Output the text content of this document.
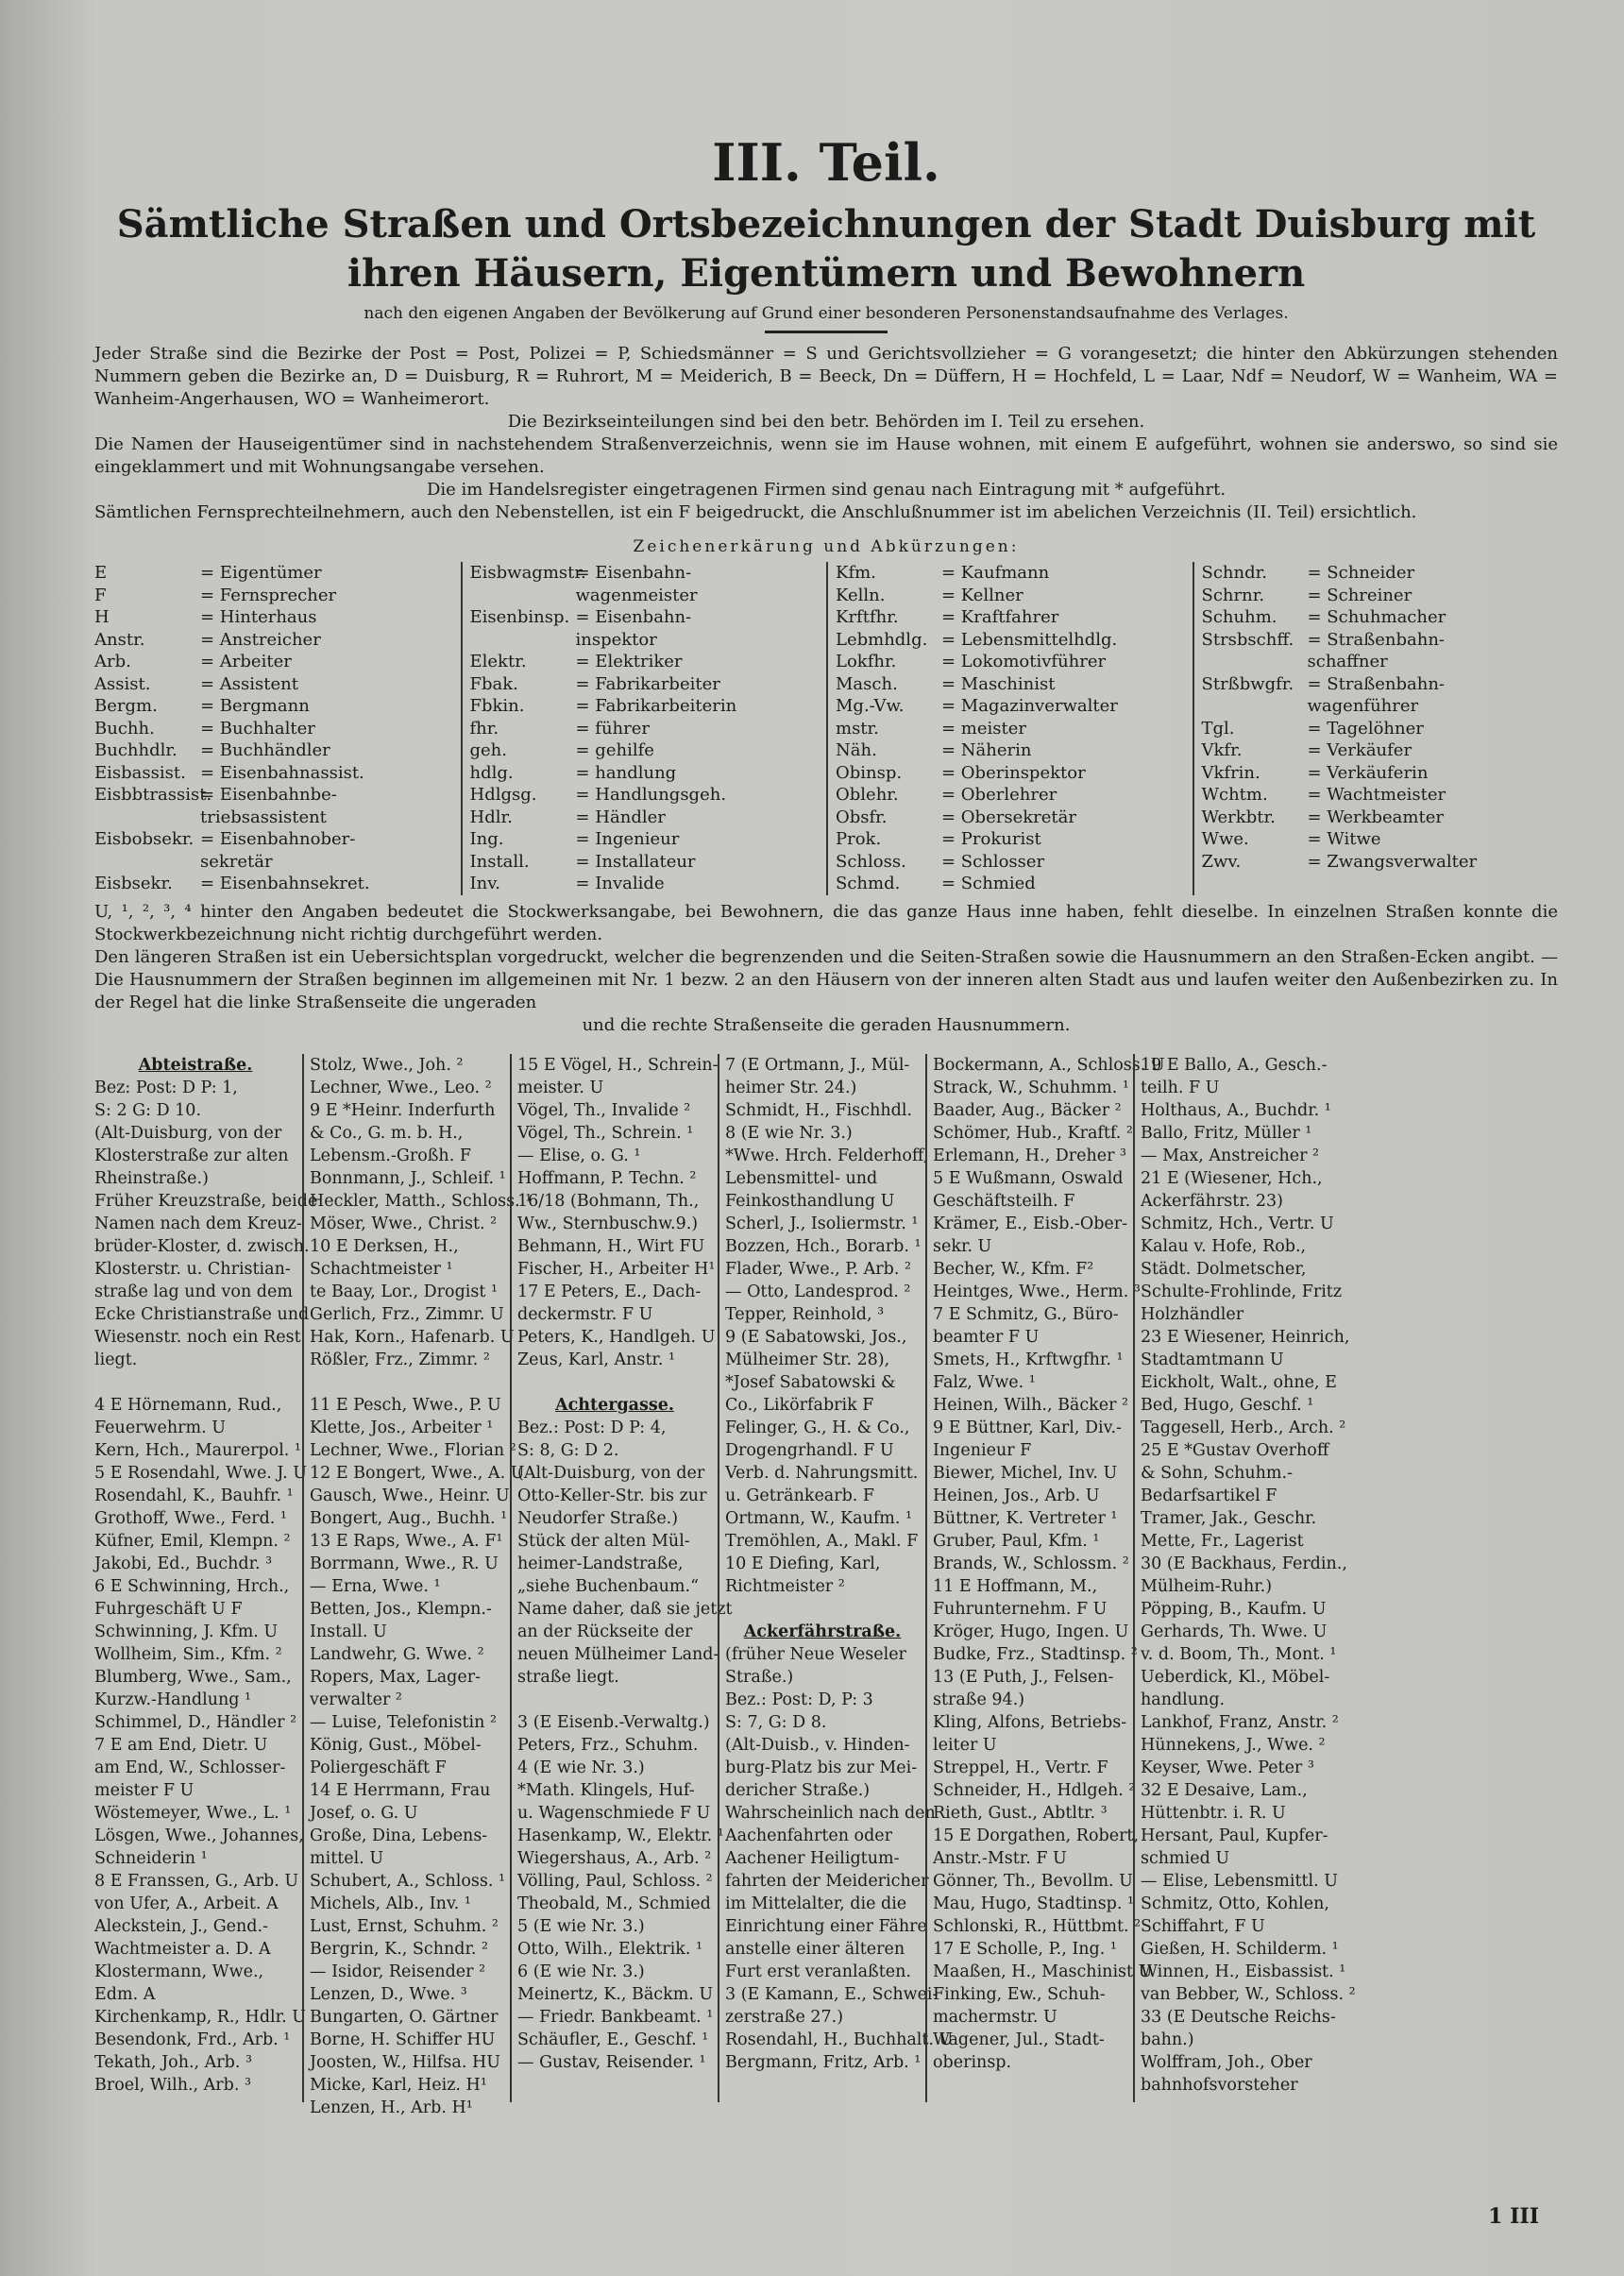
III. Teil.
Sämtliche Straßen und Ortsbezeichnungen der Stadt Duisburg mit
ihren Häusern, Eigentümern und Bewohnern
nach den eigenen Angaben der Bevölkerung auf Grund einer besonderen Personenstandsaufnahme des Verlages.

Jeder Straße sind die Bezirke der Post = Post, Polizei = P, Schiedsmänner = S und Gerichtsvollzieher = G vorangesetzt; die hinter den Abkürzungen stehenden Nummern geben die Bezirke an, D = Duisburg, R = Ruhrort, M = Meiderich, B = Beeck, Dn = Düffern, H = Hochfeld, L = Laar, Ndf = Neudorf, W = Wanheim, WA = Wanheim-Angerhausen, WO = Wanheimerort.

Die Bezirkseinteilungen sind bei den betr. Behörden im I. Teil zu ersehen.

Die Namen der Hauseigentümer sind in nachstehendem Straßenverzeichnis, wenn sie im Hause wohnen, mit einem E aufgeführt, wohnen sie anderswo, so sind sie eingeklammert und mit Wohnungsangabe versehen.

Die im Handelsregister eingetragenen Firmen sind genau nach Eintragung mit * aufgeführt.

Sämtlichen Fernsprechteilnehmern, auch den Nebenstellen, ist ein F beigedruckt, die Anschlußnummer ist im abelichen Verzeichnis (II. Teil) ersichtlich.

Zeichenerkärung und Abkürzungen:
E	= Eigentümer
F	= Fernsprecher
H	= Hinterhaus
Anstr.	= Anstreicher
Arb.	= Arbeiter
Assist.	= Assistent
Bergm.	= Bergmann
Buchh.	= Buchhalter
Buchhdlr.	= Buchhändler
Eisbassist. = Eisenbahnassist.
Eisbbtrassist.
= Eisenbahnbe-
triebsassistent
Eisbobsekr. = Eisenbahnober-
sekretär
Eisbsekr.	= Eisenbahnsekret.
Eisbwagmstr.
= Eisenbahn-
wagenmeister
Eisenbinsp. = Eisenbahn-
inspektor
Elektr.	= Elektriker
Fbak.	= Fabrikarbeiter
Fbkin.	= Fabrikarbeiterin
fhr.	= führer
geh.	= gehilfe
hdlg.	= handlung
Hdlgsg.	= Handlungsgeh.
Hdlr.	= Händler
Ing.	= Ingenieur
Install.	= Installateur
Inv.	= Invalide
Kfm.	= Kaufmann
Kelln.	= Kellner
Krftfhr.	= Kraftfahrer
Lebmhdlg. = Lebensmittelhdlg.
Lokfhr.	= Lokomotivführer
Masch.	= Maschinist
Mg.-Vw.	= Magazinverwalter
mstr.	= meister
Näh.	= Näherin
Obinsp.	= Oberinspektor
Oblehr.	= Oberlehrer
Obsfr.	= Obersekretär
Prok.	= Prokurist
Schloss.	= Schlosser
Schmd.	= Schmied
Schndr.	= Schneider
Schrnr.	= Schreiner
Schuhm.	= Schuhmacher
Strsbschff. = Straßenbahn-
schaffner
Strßbwgfr. = Straßenbahn-
wagenführer
Tgl.	= Tagelöhner
Vkfr.	= Verkäufer
Vkfrin.	= Verkäuferin
Wchtm.	= Wachtmeister
Werkbtr.	= Werkbeamter
Wwe.	= Witwe
Zwv.	= Zwangsverwalter

U, ¹, ², ³, ⁴ hinter den Angaben bedeutet die Stockwerksangabe, bei Bewohnern, die das ganze Haus inne haben, fehlt dieselbe. In einzelnen Straßen konnte die Stockwerkbezeichnung nicht richtig durchgeführt werden.

Den längeren Straßen ist ein Uebersichtsplan vorgedruckt, welcher die begrenzenden und die Seiten-Straßen sowie die Hausnummern an den Straßen-Ecken angibt. — Die Hausnummern der Straßen beginnen im allgemeinen mit Nr. 1 bezw. 2 an den Häusern von der inneren alten Stadt aus und laufen weiter den Außenbezirken zu. In der Regel hat die linke Straßenseite die ungeraden

und die rechte Straßenseite die geraden Hausnummern.

Abteistraße.
Bez: Post: D P: 1,
S: 2 G: D 10.
(Alt-Duisburg, von der
Klosterstraße zur alten
Rheinstraße.)
Früher Kreuzstraße, beide
Namen nach dem Kreuz-
brüder-Kloster, d. zwisch.
Klosterstr. u. Christian-
straße lag und von dem
Ecke Christianstraße und
Wiesenstr. noch ein Rest
liegt.

4 E Hörnemann, Rud.,
Feuerwehrm. U
Kern, Hch., Maurerpol. ¹
5 E Rosendahl, Wwe. J. U
Rosendahl, K., Bauhfr. ¹
Grothoff, Wwe., Ferd. ¹
Küfner, Emil, Klempn. ²
Jakobi, Ed., Buchdr. ³
6 E Schwinning, Hrch.,
Fuhrgeschäft U F
Schwinning, J. Kfm. U
Wollheim, Sim., Kfm. ²
Blumberg, Wwe., Sam.,
Kurzw.-Handlung ¹
Schimmel, D., Händler ²
7 E am End, Dietr. U
am End, W., Schlosser-
meister F U
Wöstemeyer, Wwe., L. ¹
Lösgen, Wwe., Johannes,
Schneiderin ¹
8 E Franssen, G., Arb. U
von Ufer, A., Arbeit. A
Aleckstein, J., Gend.-
Wachtmeister a. D. A
Klostermann, Wwe.,
Edm. A
Kirchenkamp, R., Hdlr. U
Besendonk, Frd., Arb. ¹
Tekath, Joh., Arb. ³
Broel, Wilh., Arb. ³
Stolz, Wwe., Joh. ²
Lechner, Wwe., Leo. ²
9 E *Heinr. Inderfurth
& Co., G. m. b. H.,
Lebensm.-Großh. F
Bonnmann, J., Schleif. ¹
Heckler, Matth., Schloss. ¹
Möser, Wwe., Christ. ²
10 E Derksen, H.,
Schachtmeister ¹
te Baay, Lor., Drogist ¹
Gerlich, Frz., Zimmr. U
Hak, Korn., Hafenarb. U
Rößler, Frz., Zimmr. ²

11 E Pesch, Wwe., P. U
Klette, Jos., Arbeiter ¹
Lechner, Wwe., Florian ²
12 E Bongert, Wwe., A. U
Gausch, Wwe., Heinr. U
Bongert, Aug., Buchh. ¹
13 E Raps, Wwe., A. F¹
Borrmann, Wwe., R. U
— Erna, Wwe. ¹
Betten, Jos., Klempn.-
Install. U
Landwehr, G. Wwe. ²
Ropers, Max, Lager-
verwalter ²
— Luise, Telefonistin ²
König, Gust., Möbel-
Poliergeschäft F
14 E Herrmann, Frau
Josef, o. G. U
Große, Dina, Lebens-
mittel. U
Schubert, A., Schloss. ¹
Michels, Alb., Inv. ¹
Lust, Ernst, Schuhm. ²
Bergrin, K., Schndr. ²
— Isidor, Reisender ²
Lenzen, D., Wwe. ³
Bungarten, O. Gärtner
Borne, H. Schiffer HU
Joosten, W., Hilfsa. HU
Micke, Karl, Heiz. H¹
Lenzen, H., Arb. H¹
15 E Vögel, H., Schrein-
meister. U
Vögel, Th., Invalide ²
Vögel, Th., Schrein. ¹
— Elise, o. G. ¹
Hoffmann, P. Techn. ²
16/18 (Bohmann, Th.,
Ww., Sternbuschw.9.)
Behmann, H., Wirt FU
Fischer, H., Arbeiter H¹
17 E Peters, E., Dach-
deckermstr. F U
Peters, K., Handlgeh. U
Zeus, Karl, Anstr. ¹

Achtergasse.
Bez.: Post: D P: 4,
S: 8, G: D 2.
(Alt-Duisburg, von der
Otto-Keller-Str. bis zur
Neudorfer Straße.)
Stück der alten Mül-
heimer-Landstraße,
„siehe Buchenbaum.“
Name daher, daß sie jetzt
an der Rückseite der
neuen Mülheimer Land-
straße liegt.

3 (E Eisenb.-Verwaltg.)
Peters, Frz., Schuhm.
4 (E wie Nr. 3.)
*Math. Klingels, Huf-
u. Wagenschmiede F U
Hasenkamp, W., Elektr. ¹
Wiegershaus, A., Arb. ²
Völling, Paul, Schloss. ²
Theobald, M., Schmied
5 (E wie Nr. 3.)
Otto, Wilh., Elektrik. ¹
6 (E wie Nr. 3.)
Meinertz, K., Bäckm. U
— Friedr. Bankbeamt. ¹
Schäufler, E., Geschf. ¹
— Gustav, Reisender. ¹
7 (E Ortmann, J., Mül-
heimer Str. 24.)
Schmidt, H., Fischhdl.
8 (E wie Nr. 3.)
*Wwe. Hrch. Felderhoff,
Lebensmittel- und
Feinkosthandlung U
Scherl, J., Isoliermstr. ¹
Bozzen, Hch., Borarb. ¹
Flader, Wwe., P. Arb. ²
— Otto, Landesprod. ²
Tepper, Reinhold, ³
9 (E Sabatowski, Jos.,
Mülheimer Str. 28),
*Josef Sabatowski &
Co., Likörfabrik F
Felinger, G., H. & Co.,
Drogengrhandl. F U
Verb. d. Nahrungsmitt.
u. Getränkearb. F
Ortmann, W., Kaufm. ¹
Tremöhlen, A., Makl. F
10 E Diefing, Karl,
Richtmeister ²

Ackerfährstraße.
(früher Neue Weseler
Straße.)
Bez.: Post: D, P: 3
S: 7, G: D 8.
(Alt-Duisb., v. Hinden-
burg-Platz bis zur Mei-
dericher Straße.)
Wahrscheinlich nach den
Aachenfahrten oder
Aachener Heiligtum-
fahrten der Meidericher
im Mittelalter, die die
Einrichtung einer Fähre
anstelle einer älteren
Furt erst veranlaßten.
3 (E Kamann, E., Schwei-
zerstraße 27.)
Rosendahl, H., Buchhalt. U
Bergmann, Fritz, Arb. ¹
Bockermann, A., Schloss. U
Strack, W., Schuhmm. ¹
Baader, Aug., Bäcker ²
Schömer, Hub., Kraftf. ²
Erlemann, H., Dreher ³
5 E Wußmann, Oswald
Geschäftsteilh. F
Krämer, E., Eisb.-Ober-
sekr. U
Becher, W., Kfm. F²
Heintges, Wwe., Herm. ³
7 E Schmitz, G., Büro-
beamter F U
Smets, H., Krftwgfhr. ¹
Falz, Wwe. ¹
Heinen, Wilh., Bäcker ²
9 E Büttner, Karl, Div.-
Ingenieur F
Biewer, Michel, Inv. U
Heinen, Jos., Arb. U
Büttner, K. Vertreter ¹
Gruber, Paul, Kfm. ¹
Brands, W., Schlossm. ²
11 E Hoffmann, M.,
Fuhrunternehm. F U
Kröger, Hugo, Ingen. U
Budke, Frz., Stadtinsp. ²
13 (E Puth, J., Felsen-
straße 94.)
Kling, Alfons, Betriebs-
leiter U
Streppel, H., Vertr. F
Schneider, H., Hdlgeh. ²
Rieth, Gust., Abtltr. ³
15 E Dorgathen, Robert,
Anstr.-Mstr. F U
Gönner, Th., Bevollm. U
Mau, Hugo, Stadtinsp. ¹
Schlonski, R., Hüttbmt. ²
17 E Scholle, P., Ing. ¹
Maaßen, H., Maschinist U
Finking, Ew., Schuh-
machermstr. U
Wagener, Jul., Stadt-
oberinsp.
19 E Ballo, A., Gesch.-
teilh. F U
Holthaus, A., Buchdr. ¹
Ballo, Fritz, Müller ¹
— Max, Anstreicher ²
21 E (Wiesener, Hch.,
Ackerfährstr. 23)
Schmitz, Hch., Vertr. U
Kalau v. Hofe, Rob.,
Städt. Dolmetscher,
Schulte-Frohlinde, Fritz
Holzhändler
23 E Wiesener, Heinrich,
Stadtamtmann U
Eickholt, Walt., ohne, E
Bed, Hugo, Geschf. ¹
Taggesell, Herb., Arch. ²
25 E *Gustav Overhoff
& Sohn, Schuhm.-
Bedarfsartikel F
Tramer, Jak., Geschr.
Mette, Fr., Lagerist
30 (E Backhaus, Ferdin.,
Mülheim-Ruhr.)
Pöpping, B., Kaufm. U
Gerhards, Th. Wwe. U
v. d. Boom, Th., Mont. ¹
Ueberdick, Kl., Möbel-
handlung.
Lankhof, Franz, Anstr. ²
Hünnekens, J., Wwe. ²
Keyser, Wwe. Peter ³
32 E Desaive, Lam.,
Hüttenbtr. i. R. U
Hersant, Paul, Kupfer-
schmied U
— Elise, Lebensmittl. U
Schmitz, Otto, Kohlen,
Schiffahrt, F U
Gießen, H. Schilderm. ¹
Winnen, H., Eisbassist. ¹
van Bebber, W., Schloss. ²
33 (E Deutsche Reichs-
bahn.)
Wolffram, Joh., Ober
bahnhofsvorsteher
1 III
